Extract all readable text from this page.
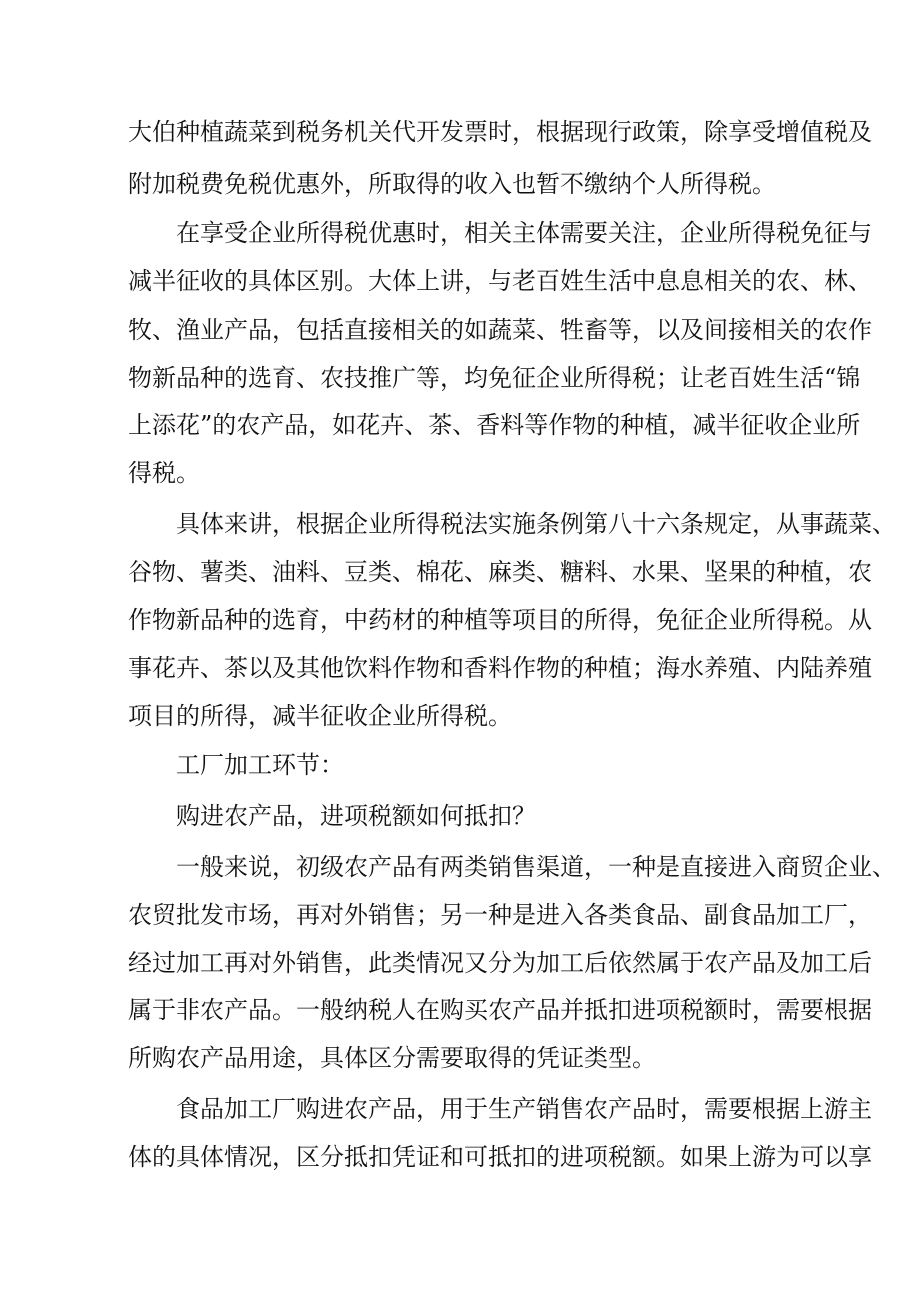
大伯种植蔬菜到税务机关代开发票时，根据现行政策，除享受增值税及

附加税费免税优惠外，所取得的收入也暂不缴纳个人所得税。

在享受企业所得税优惠时，相关主体需要关注，企业所得税免征与

减半征收的具体区别。大体上讲，与老百姓生活中息息相关的农、林、

牧、渔业产品，包括直接相关的如蔬菜、牲畜等，以及间接相关的农作

物新品种的选育、农技推广等，均免征企业所得税；让老百姓生活“锦

上添花”的农产品，如花卉、茶、香料等作物的种植，减半征收企业所

得税。

具体来讲，根据企业所得税法实施条例第八十六条规定，从事蔬菜、

谷物、薯类、油料、豆类、棉花、麻类、糖料、水果、坚果的种植，农

作物新品种的选育，中药材的种植等项目的所得，免征企业所得税。从

事花卉、茶以及其他饮料作物和香料作物的种植；海水养殖、内陆养殖

项目的所得，减半征收企业所得税。

工厂加工环节：

购进农产品，进项税额如何抵扣？

一般来说，初级农产品有两类销售渠道，一种是直接进入商贸企业、

农贸批发市场，再对外销售；另一种是进入各类食品、副食品加工厂，

经过加工再对外销售，此类情况又分为加工后依然属于农产品及加工后

属于非农产品。一般纳税人在购买农产品并抵扣进项税额时，需要根据

所购农产品用途，具体区分需要取得的凭证类型。

食品加工厂购进农产品，用于生产销售农产品时，需要根据上游主

体的具体情况，区分抵扣凭证和可抵扣的进项税额。如果上游为可以享
